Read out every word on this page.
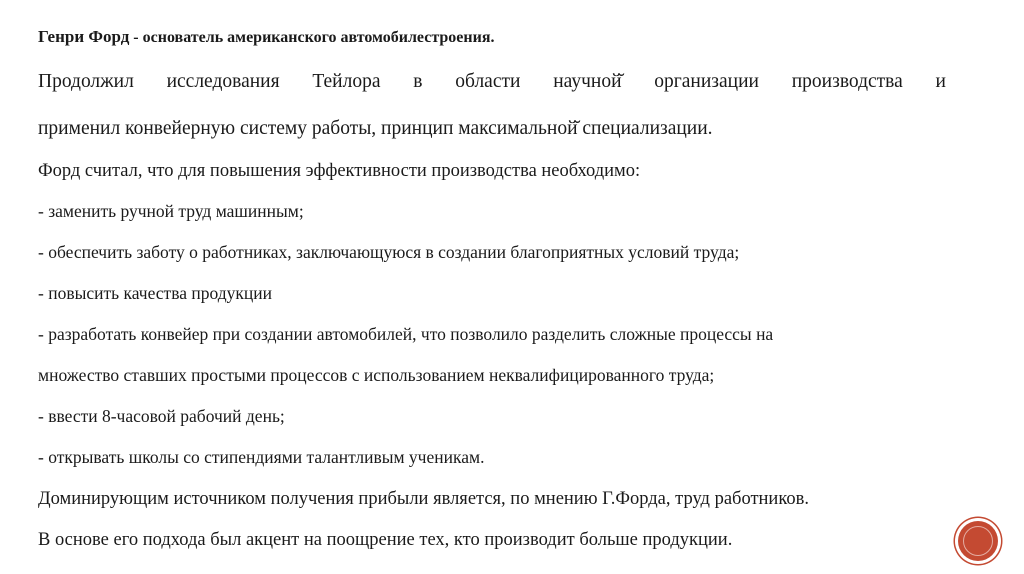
Генри Форд - основатель американского автомобилестроения.
Продолжил исследования Тейлора в области научной̆ организации производства и
применил конвейерную систему работы, принцип максимальной̆ специализации.
Форд считал, что для повышения эффективности производства необходимо:
- заменить ручной труд машинным;
- обеспечить заботу о работниках, заключающуюся в создании благоприятных условий труда;
- повысить качества продукции
- разработать конвейер при создании автомобилей, что позволило разделить сложные процессы на
множество ставших простыми процессов с использованием неквалифицированного труда;
- ввести 8-часовой рабочий день;
- открывать школы со стипендиями талантливым ученикам.
Доминирующим источником получения прибыли является, по мнению Г.Форда, труд работников.
В основе его подхода был акцент на поощрение тех, кто производит больше продукции.
